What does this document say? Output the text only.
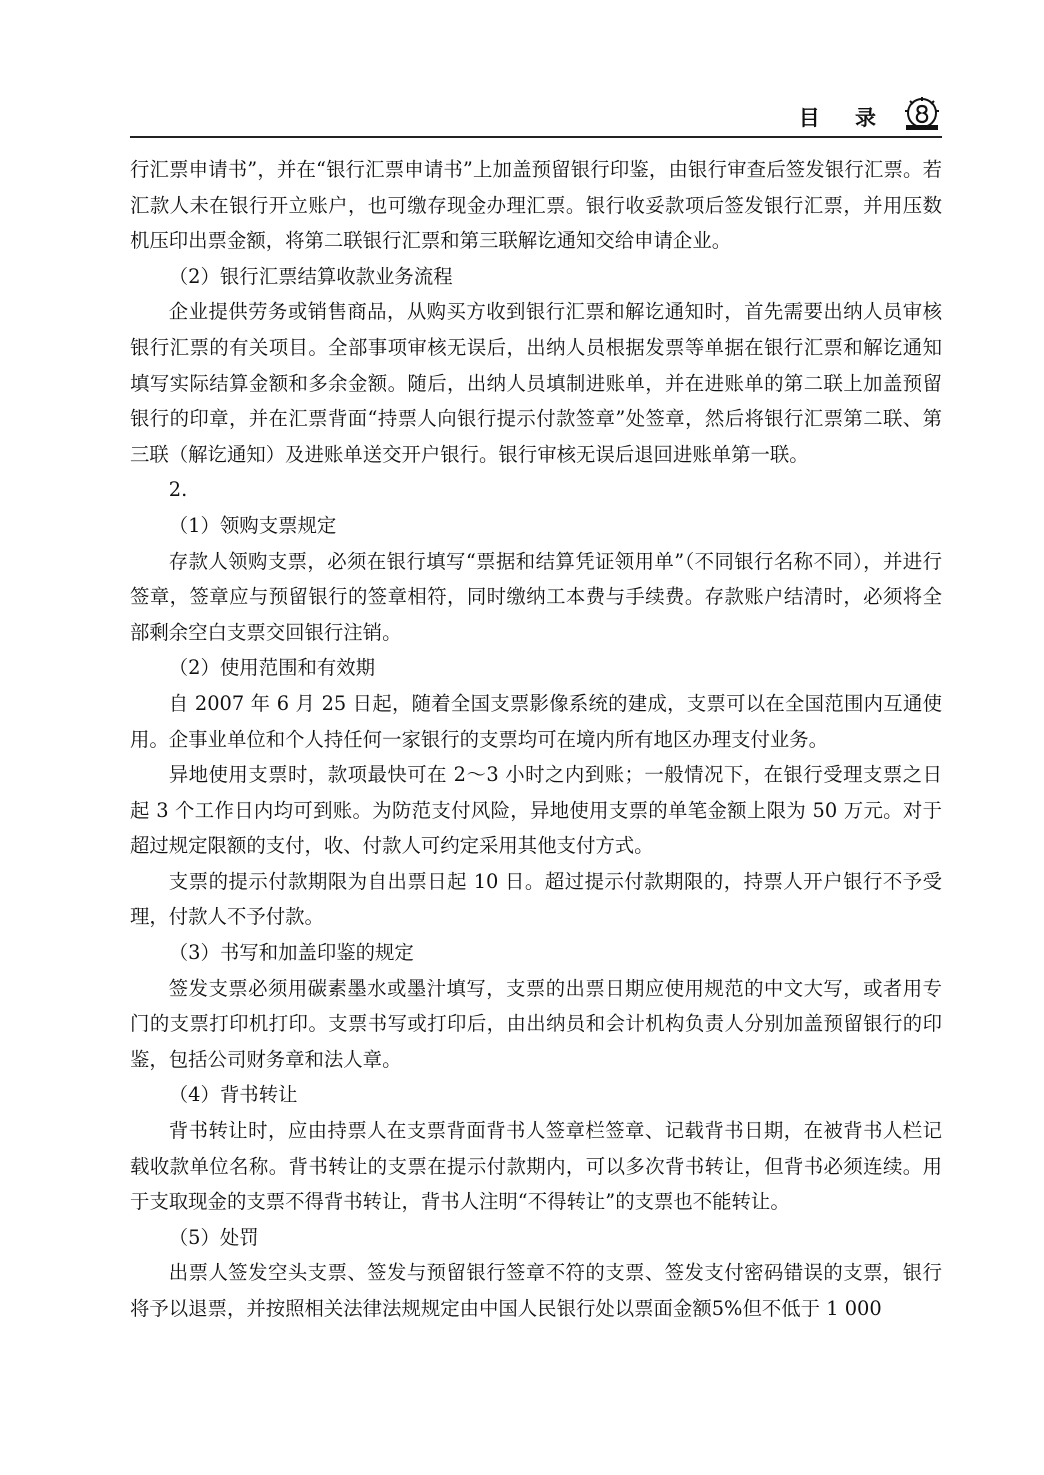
目 录

行汇票申请书”，并在“银行汇票申请书”上加盖预留银行印鉴，由银行审查后签发银行汇票。若汇款人未在银行开立账户，也可缴存现金办理汇票。银行收妥款项后签发银行汇票，并用压数机压印出票金额，将第二联银行汇票和第三联解讫通知交给申请企业。

（2）银行汇票结算收款业务流程

企业提供劳务或销售商品，从购买方收到银行汇票和解讫通知时，首先需要出纳人员审核银行汇票的有关项目。全部事项审核无误后，出纳人员根据发票等单据在银行汇票和解讫通知填写实际结算金额和多余金额。随后，出纳人员填制进账单，并在进账单的第二联上加盖预留银行的印章，并在汇票背面“持票人向银行提示付款签章”处签章，然后将银行汇票第二联、第三联（解讫通知）及进账单送交开户银行。银行审核无误后退回进账单第一联。

2.

（1）领购支票规定

存款人领购支票，必须在银行填写“票据和结算凭证领用单”（不同银行名称不同），并进行签章，签章应与预留银行的签章相符，同时缴纳工本费与手续费。存款账户结清时，必须将全部剩余空白支票交回银行注销。

（2）使用范围和有效期

自 2007 年 6 月 25 日起，随着全国支票影像系统的建成，支票可以在全国范围内互通使用。企事业单位和个人持任何一家银行的支票均可在境内所有地区办理支付业务。

异地使用支票时，款项最快可在 2～3 小时之内到账；一般情况下，在银行受理支票之日起 3 个工作日内均可到账。为防范支付风险，异地使用支票的单笔金额上限为 50 万元。对于超过规定限额的支付，收、付款人可约定采用其他支付方式。

支票的提示付款期限为自出票日起 10 日。超过提示付款期限的，持票人开户银行不予受理，付款人不予付款。

（3）书写和加盖印鉴的规定

签发支票必须用碳素墨水或墨汁填写，支票的出票日期应使用规范的中文大写，或者用专门的支票打印机打印。支票书写或打印后，由出纳员和会计机构负责人分别加盖预留银行的印鉴，包括公司财务章和法人章。

（4）背书转让

背书转让时，应由持票人在支票背面背书人签章栏签章、记载背书日期，在被背书人栏记载收款单位名称。背书转让的支票在提示付款期内，可以多次背书转让，但背书必须连续。用于支取现金的支票不得背书转让，背书人注明“不得转让”的支票也不能转让。

（5）处罚

出票人签发空头支票、签发与预留银行签章不符的支票、签发支付密码错误的支票，银行将予以退票，并按照相关法律法规规定由中国人民银行处以票面金额5%但不低于 1 000
